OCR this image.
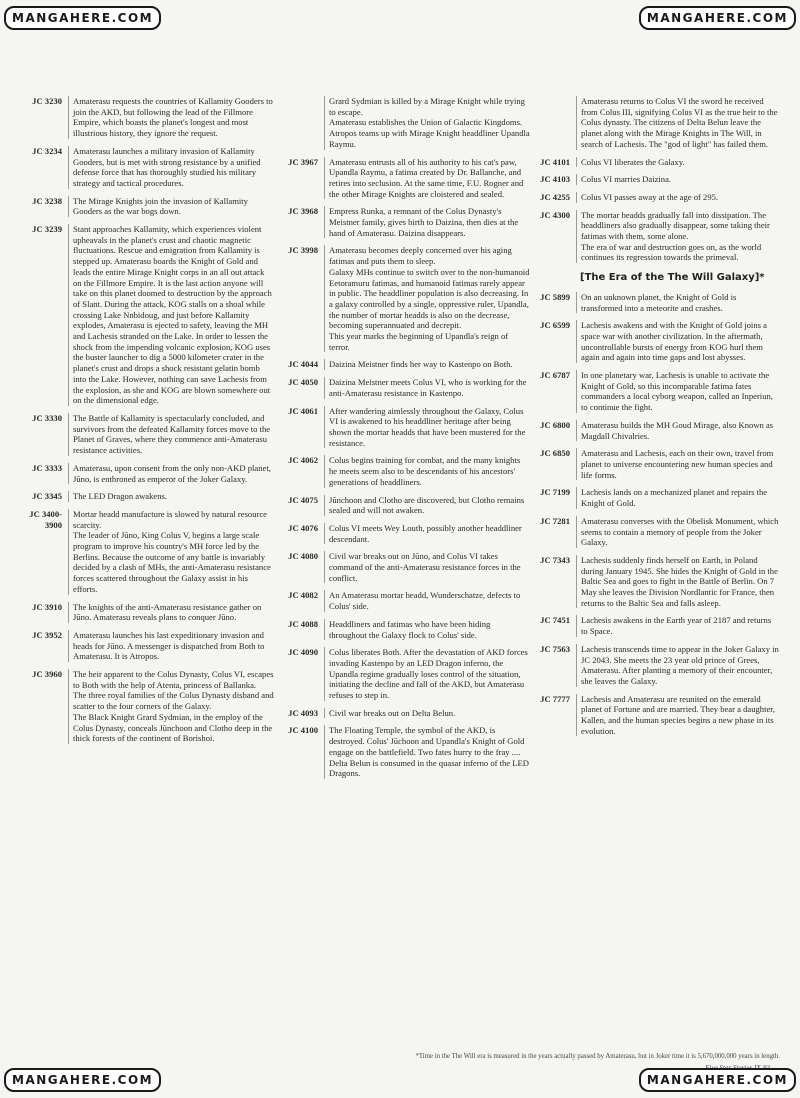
MANGAHERE.COM	MANGAHERE.COM
JC 3230	Amaterasu requests the countries of Kallamity Gooders to join the AKD, but following the lead of the Fillmore Empire, which boasts the planet's longest and most illustrious history, they ignore the request.
JC 3234	Amaterasu launches a military invasion of Kallamity Gooders, but is met with strong resistance by a unified defense force that has thoroughly studied his military strategy and tactical procedures.
JC 3238	The Mirage Knights join the invasion of Kallamity Gooders as the war bogs down.
JC 3239	Stant approaches Kallamity, which experiences violent upheavals in the planet's crust and chaotic magnetic fluctuations. Rescue and emigration from Kallamity is stepped up. Amaterasu boards the Knight of Gold and leads the entire Mirage Knight corps in an all out attack on the Fillmore Empire. It is the last action anyone will take on this planet doomed to destruction by the approach of Slant. During the attack, KOG stalls on a shoal while crossing Lake Nnbidoug, and just before Kallamity explodes, Amaterasu is ejected to safety, leaving the MH and Lachesis stranded on the Lake. In order to lessen the shock from the impending volcanic explosion, KOG uses the buster launcher to dig a 5000 kilometer crater in the planet's crust and drops a shock resistant gelatin bomb into the Lake. However, nothing can save Lachesis from the explosion, as she and KOG are blown somewhere out on the dimensional edge.
JC 3330	The Battle of Kallamity is spectacularly concluded, and survivors from the defeated Kallamity forces move to the Planet of Graves, where they commence anti-Amaterasu resistance activities.
JC 3333	Amaterasu, upon consent from the only non-AKD planet, Jūno, is enthroned as emperor of the Joker Galaxy.
JC 3345	The LED Dragon awakens.
JC 3400-3900
Mortar headd manufacture is slowed by natural resource scarcity.
The leader of Jūno, King Colus V, begins a large scale program to improve his country's MH force led by the Berlins. Because the outcome of any battle is invariably decided by a clash of MHs, the anti-Amaterasu resistance forces scattered throughout the Galaxy assist in his efforts.
JC 3910	The knights of the anti-Amaterasu resistance gather on Jūno. Amaterasu reveals plans to conquer Jūno.
JC 3952	Amaterasu launches his last expeditionary invasion and heads for Jūno. A messenger is dispatched from Both to Amaterasu. It is Atropos.
JC 3960	The heir apparent to the Colus Dynasty, Colus VI, escapes to Both with the help of Atenta, princess of Ballanka.
The three royal families of the Colus Dynasty disband and scatter to the four corners of the Galaxy.
The Black Knight Grard Sydmian, in the employ of the Colus Dynasty, conceals Jūnchoon and Clotho deep in the thick forests of the continent of Borishoi.
Grard Sydmian is killed by a Mirage Knight while trying to escape.
Amaterasu establishes the Union of Galactic Kingdoms.
Atropos teams up with Mirage Knight headdliner Upandla Raymu.
JC 3967	Amaterasu entrusts all of his authority to his cat's paw, Upandla Raymu, a fatima created by Dr. Ballanche, and retires into seclusion. At the same time, F.U. Rogner and the other Mirage Knights are cloistered and sealed.
JC 3968	Empress Runka, a remnant of the Colus Dynasty's Meistner family, gives birth to Daizina, then dies at the hand of Amaterasu. Daizina disappears.
JC 3998	Amaterasu becomes deeply concerned over his aging fatimas and puts them to sleep.
Galaxy MHs continue to switch over to the non-humanoid Eetoramuru fatimas, and humanoid fatimas rarely appear in public. The headdliner population is also decreasing. In a galaxy controlled by a single, oppressive ruler, Upandla, the number of mortar headds is also on the decrease, becoming superannuated and decrepit.
This year marks the beginning of Upandla's reign of terror.
JC 4044	Daizina Meistner finds her way to Kastenpo on Both.
JC 4050	Daizina Meistner meets Colus VI, who is working for the anti-Amaterasu resistance in Kastenpo.
JC 4061	After wandering aimlessly throughout the Galaxy, Colus VI is awakened to his headdliner heritage after being shown the mortar headds that have been mustered for the resistance.
JC 4062	Colus begins training for combat, and the many knights he meets seem also to be descendants of his ancestors' generations of headdliners.
JC 4075	Jūnchoon and Clotho are discovered, but Clotho remains sealed and will not awaken.
JC 4076	Colus VI meets Wey Louth, possibly another headdliner descendant.
JC 4080	Civil war breaks out on Jūno, and Colus VI takes command of the anti-Amaterasu resistance forces in the conflict.
JC 4082	An Amaterasu mortar headd, Wunderschatze, defects to Colus' side.
JC 4088	Headdliners and fatimas who have been hiding throughout the Galaxy flock to Colus' side.
JC 4090	Colus liberates Both. After the devastation of AKD forces invading Kastenpo by an LED Dragon inferno, the Upandla regime gradually loses control of the situation, initiating the decline and fall of the AKD, but Amaterasu refuses to step in.
JC 4093	Civil war breaks out on Delta Belun.
JC 4100	The Floating Temple, the symbol of the AKD, is destroyed. Colus' Jūchoon and Upandla's Knight of Gold engage on the battlefield. Two fates hurry to the fray ....
Delta Belun is consumed in the quasar inferno of the LED Dragons.
Amaterasu returns to Colus VI the sword he received from Colus III, signifying Colus VI as the true heir to the Colus dynasty. The citizens of Delta Belun leave the planet along with the Mirage Knights in The Will, in search of Lachesis. The "god of light" has failed them.
JC 4101	Colus VI liberates the Galaxy.
JC 4103	Colus VI marries Daizina.
JC 4255	Colus VI passes away at the age of 295.
JC 4300	The mortar headds gradually fall into dissipation. The headdliners also gradually disappear, some taking their fatimas with them, some alone.
The era of war and destruction goes on, as the world continues its regression towards the primeval.
[The Era of the The Will Galaxy]*
JC 5899	On an unknown planet, the Knight of Gold is transformed into a meteorite and crashes.
JC 6599	Lachesis awakens and with the Knight of Gold joins a space war with another civilization. In the aftermath, uncontrollable bursts of energy from KOG hurl them again and again into time gaps and lost abysses.
JC 6787	In one planetary war, Lachesis is unable to activate the Knight of Gold, so this incomparable fatima fates commanders a local cyborg weapon, called an Inperiun, to continue the fight.
JC 6800	Amaterasu builds the MH Goud Mirage, also Known as Magdall Chivalries.
JC 6850	Amaterasu and Lachesis, each on their own, travel from planet to universe encountering new human species and life forms.
JC 7199	Lachesis lands on a mechanized planet and repairs the Knight of Gold.
JC 7281	Amaterasu converses with the Obelisk Monument, which seems to contain a memory of people from the Joker Galaxy.
JC 7343	Lachesis suddenly finds herself on Earth, in Poland during January 1945. She hides the Knight of Gold in the Baltic Sea and goes to fight in the Battle of Berlin. On 7 May she leaves the Division Nordlantic for France, then returns to the Baltic Sea and falls asleep.
JC 7451	Lachesis awakens in the Earth year of 2187 and returns to Space.
JC 7563	Lachesis transcends time to appear in the Joker Galaxy in JC 2043. She meets the 23 year old prince of Grees, Amaterasu. After planting a memory of their encounter, she leaves the Galaxy.
JC 7777	Lachesis and Amaterasu are reunited on the emerald planet of Fortune and are married. They bear a daughter, Kallen, and the human species begins a new phase in its evolution.
*Time in the The Will era is measured in the years actually passed by Amaterasu, but in Joker time it is 5,670,000,000 years in length.
MANGAHERE.COM	MANGAHERE.COM
